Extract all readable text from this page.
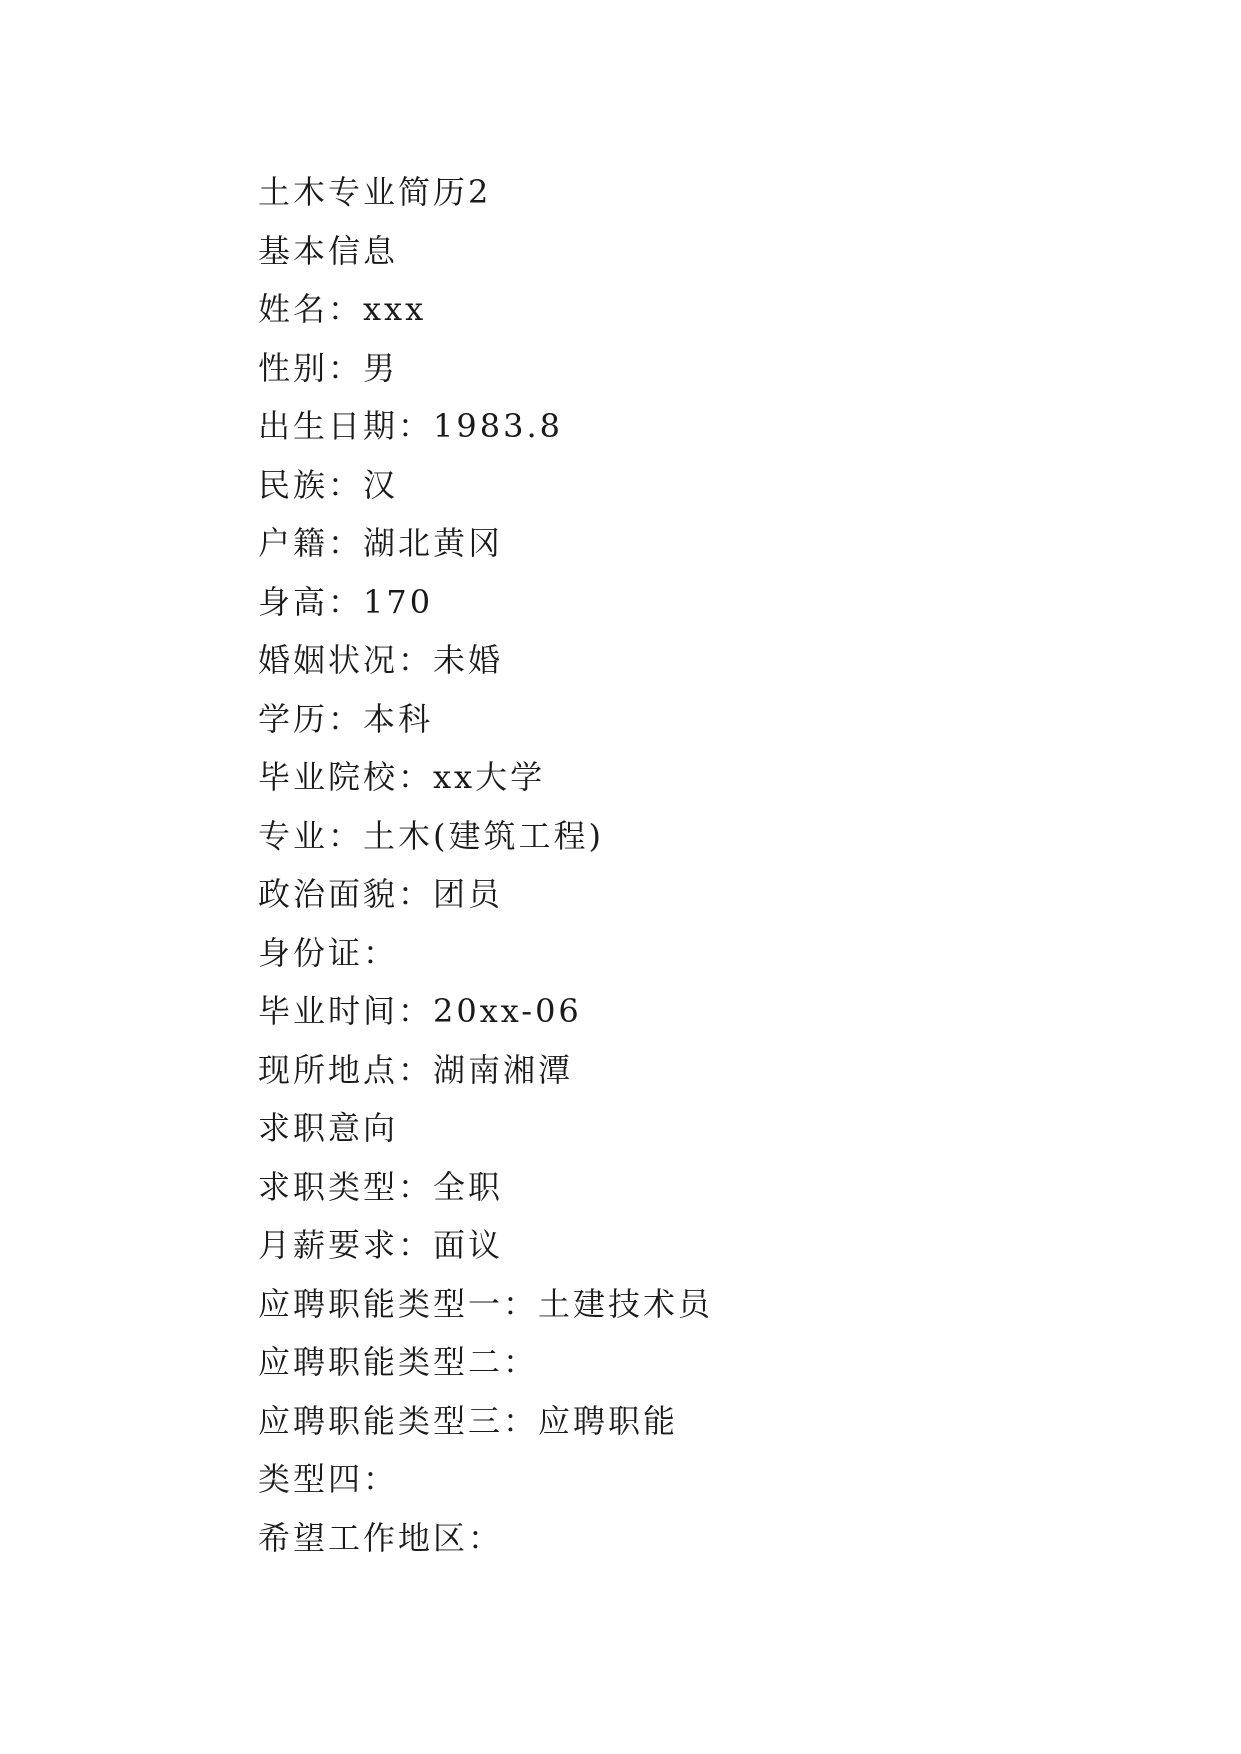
土木专业简历2
基本信息
姓名：xxx
性别：男
出生日期：1983.8
民族：汉
户籍：湖北黄冈
身高：170
婚姻状况：未婚
学历：本科
毕业院校：xx大学
专业：土木(建筑工程)
政治面貌：团员
身份证：
毕业时间：20xx-06
现所地点：湖南湘潭
求职意向
求职类型：全职
月薪要求：面议
应聘职能类型一：土建技术员
应聘职能类型二：
应聘职能类型三：应聘职能
类型四：
希望工作地区：
